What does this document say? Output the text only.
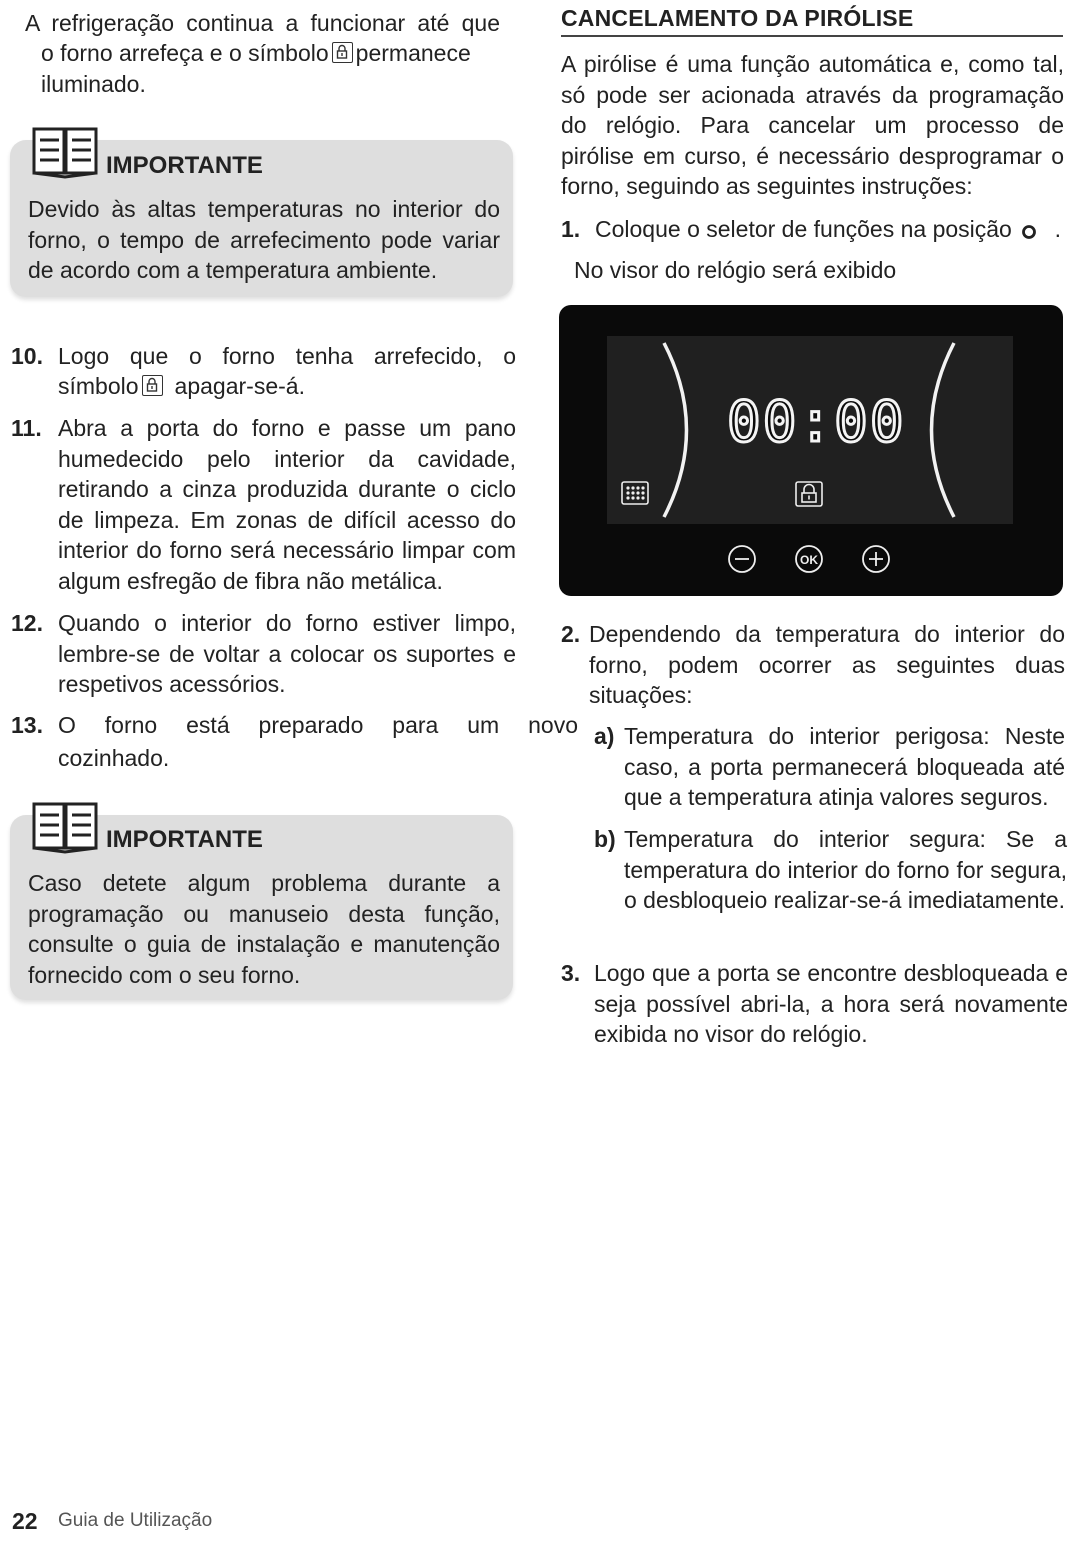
A refrigeração continua a funcionar até que
o forno arrefeça e o símbolo permanece
iluminado.
IMPORTANTE
Devido às altas temperaturas no interior do forno, o tempo de arrefecimento pode variar de acordo com a temperatura ambiente.
10. Logo que o forno tenha arrefecido, o
símbolo apagar-se-á.
11. Abra a porta do forno e passe um pano humedecido pelo interior da cavidade, retirando a cinza produzida durante o ciclo de limpeza. Em zonas de difícil acesso do interior do forno será necessário limpar com algum esfregão de fibra não metálica.
12. Quando o interior do forno estiver limpo, lembre-se de voltar a colocar os suportes e respetivos acessórios.
13. O forno está preparado para um novo
cozinhado.
IMPORTANTE
Caso detete algum problema durante a programação ou manuseio desta função, consulte o guia de instalação e manutenção fornecido com o seu forno.
CANCELAMENTO DA PIRÓLISE
A pirólise é uma função automática e, como tal, só pode ser acionada através da programação do relógio. Para cancelar um processo de pirólise em curso, é necessário desprogramar o forno, seguindo as seguintes instruções:
1. Coloque o seletor de funções na posição .
No visor do relógio será exibido
OK
00:00
2. Dependendo da temperatura do interior do forno, podem ocorrer as seguintes duas situações:
a) Temperatura do interior perigosa: Neste caso, a porta permanecerá bloqueada até que a temperatura atinja valores seguros.
b) Temperatura do interior segura: Se a temperatura do interior do forno for segura, o desbloqueio realizar-se-á imediatamente.
3. Logo que a porta se encontre desbloqueada e seja possível abri-la, a hora será novamente exibida no visor do relógio.
22 Guia de Utilização
